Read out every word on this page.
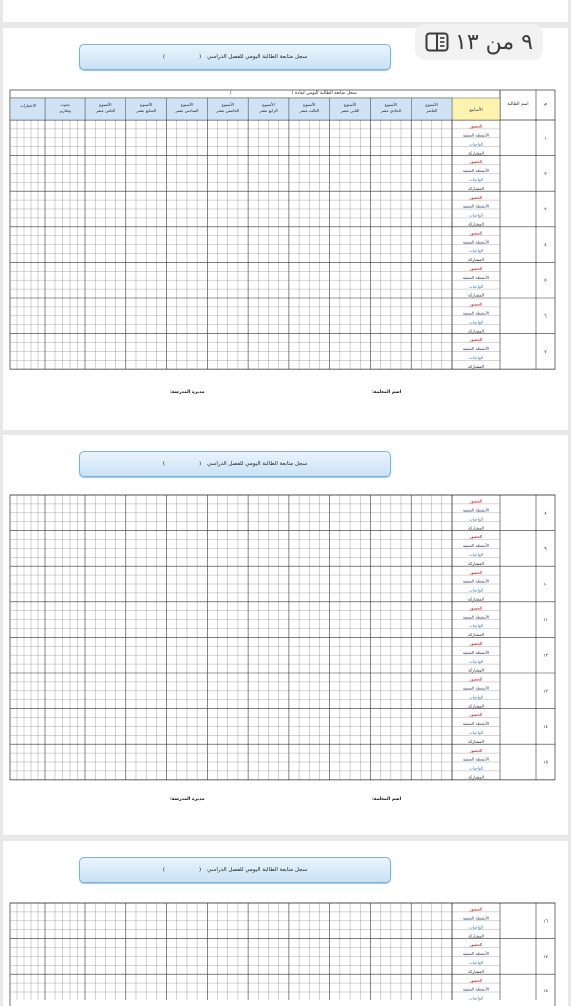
٩ من ١٣
سجل متابعة الطالبة اليومي للفصل الدراسي
(
)
سجل متابعة الطالبة اليومي للفصل الدراسي
(
)
سجل متابعة الطالبة اليومي للفصل الدراسي
(
)
سجل متابعة الطالبة اليومي لمادة ()
١
الحضور
الأنشطة الصفية
الواجبات
المشاركة
٢
الحضور
الأنشطة الصفية
الواجبات
المشاركة
٣
الحضور
الأنشطة الصفية
الواجبات
المشاركة
٤
الحضور
الأنشطة الصفية
الواجبات
المشاركة
٥
الحضور
الأنشطة الصفية
الواجبات
المشاركة
٦
الحضور
الأنشطة الصفية
الواجبات
المشاركة
٧
الحضور
الأنشطة الصفية
الواجبات
المشاركة
م
اسم الطالبة
الأسابيع
الأسبوع
العاشر
الأسبوع
الحادي عشر
الأسبوع
الثاني عشر
الأسبوع
الثالث عشر
الأسبوع
الرابع عشر
الأسبوع
الخامس عشر
الأسبوع
السادس عشر
الأسبوع
السابع عشر
الأسبوع
الثامن عشر
بحوث
وتقارير
الاختبارات
٨
الحضور
الأنشطة الصفية
الواجبات
المشاركة
٩
الحضور
الأنشطة الصفية
الواجبات
المشاركة
١٠
الحضور
الأنشطة الصفية
الواجبات
المشاركة
١١
الحضور
الأنشطة الصفية
الواجبات
المشاركة
١٢
الحضور
الأنشطة الصفية
الواجبات
المشاركة
١٣
الحضور
الأنشطة الصفية
الواجبات
المشاركة
١٤
الحضور
الأنشطة الصفية
الواجبات
المشاركة
١٥
الحضور
الأنشطة الصفية
الواجبات
المشاركة
١٦
الحضور
الأنشطة الصفية
الواجبات
المشاركة
١٧
الحضور
الأنشطة الصفية
الواجبات
المشاركة
١٨
الحضور
الأنشطة الصفية
الواجبات
اسم المعلمة:
مديرة المدرسة:
اسم المعلمة:
مديرة المدرسة:
